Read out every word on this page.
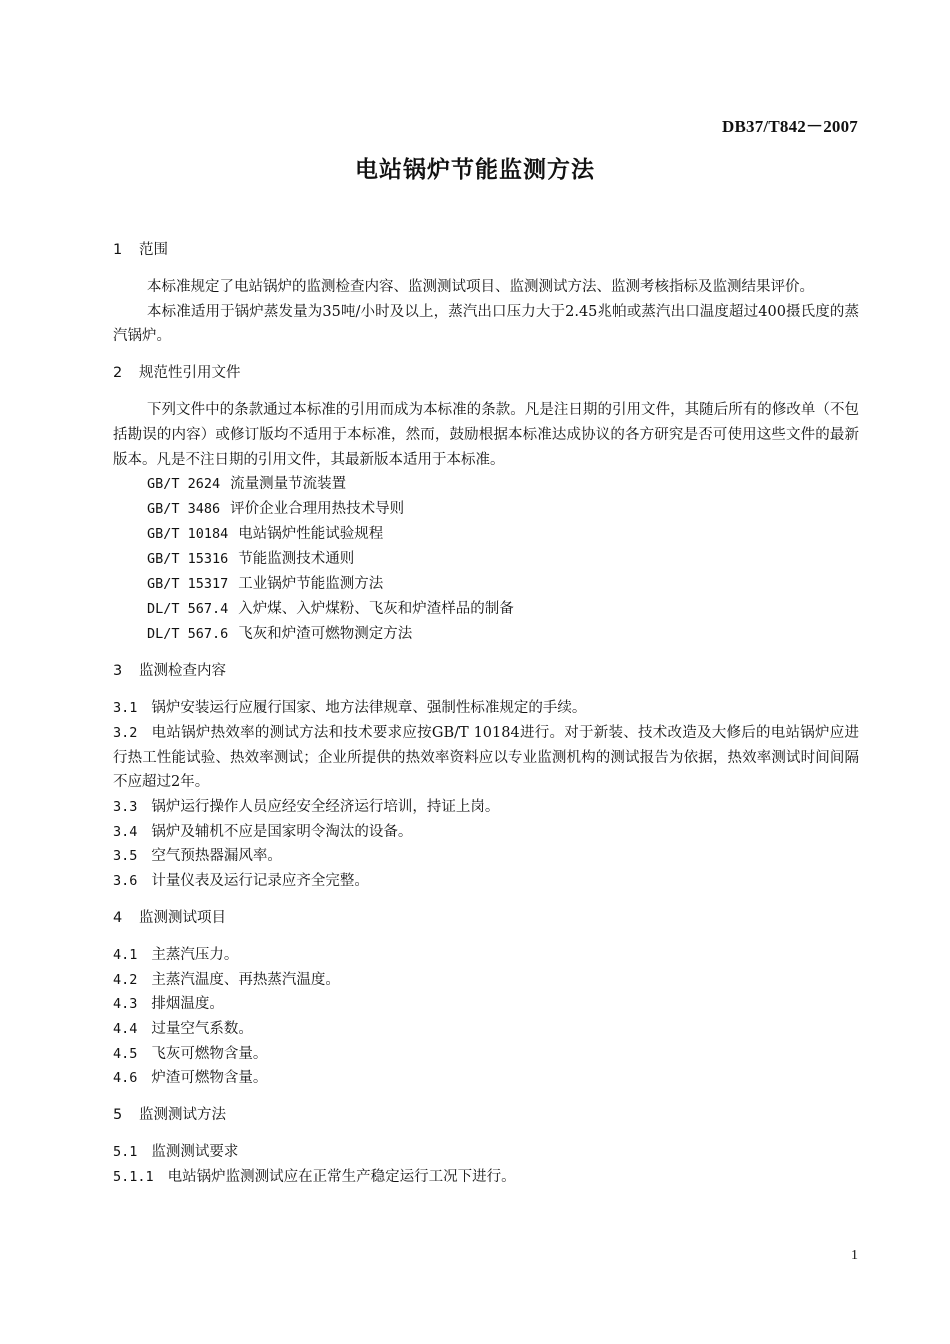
DB37/T842－2007
电站锅炉节能监测方法
1 范围

本标准规定了电站锅炉的监测检查内容、监测测试项目、监测测试方法、监测考核指标及监测结果评价。

本标准适用于锅炉蒸发量为35吨/小时及以上，蒸汽出口压力大于2.45兆帕或蒸汽出口温度超过400摄氏度的蒸汽锅炉。

2 规范性引用文件

下列文件中的条款通过本标准的引用而成为本标准的条款。凡是注日期的引用文件，其随后所有的修改单（不包括勘误的内容）或修订版均不适用于本标准，然而，鼓励根据本标准达成协议的各方研究是否可使用这些文件的最新版本。凡是不注日期的引用文件，其最新版本适用于本标准。

GB/T 2624 流量测量节流装置
GB/T 3486 评价企业合理用热技术导则
GB/T 10184 电站锅炉性能试验规程
GB/T 15316 节能监测技术通则
GB/T 15317 工业锅炉节能监测方法
DL/T 567.4 入炉煤、入炉煤粉、飞灰和炉渣样品的制备
DL/T 567.6 飞灰和炉渣可燃物测定方法
3 监测检查内容

3.1 锅炉安装运行应履行国家、地方法律规章、强制性标准规定的手续。

3.2 电站锅炉热效率的测试方法和技术要求应按GB/T 10184进行。对于新装、技术改造及大修后的电站锅炉应进行热工性能试验、热效率测试；企业所提供的热效率资料应以专业监测机构的测试报告为依据，热效率测试时间间隔不应超过2年。

3.3 锅炉运行操作人员应经安全经济运行培训，持证上岗。

3.4 锅炉及辅机不应是国家明令淘汰的设备。

3.5 空气预热器漏风率。

3.6 计量仪表及运行记录应齐全完整。

4 监测测试项目

4.1 主蒸汽压力。

4.2 主蒸汽温度、再热蒸汽温度。

4.3 排烟温度。

4.4 过量空气系数。

4.5 飞灰可燃物含量。

4.6 炉渣可燃物含量。

5 监测测试方法
5.1 监测测试要求

5.1.1 电站锅炉监测测试应在正常生产稳定运行工况下进行。

1
